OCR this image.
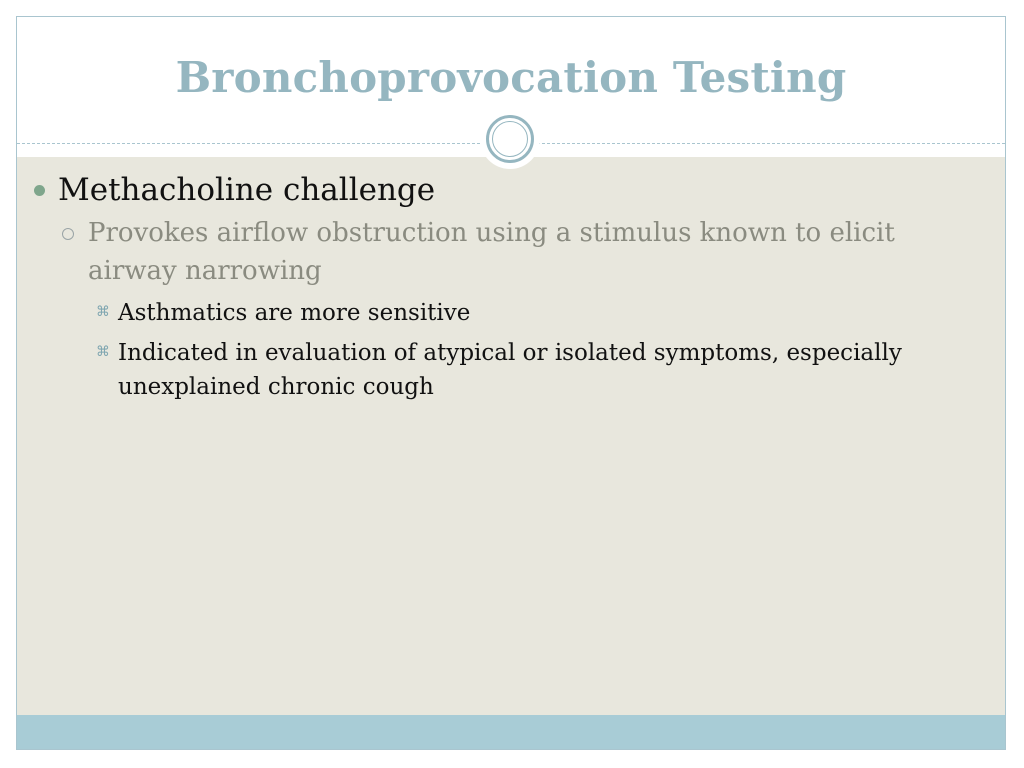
Bronchoprovocation Testing
Methacholine challenge
Provokes airflow obstruction using a stimulus known to elicit airway narrowing
⌘ Asthmatics are more sensitive
⌘ Indicated in evaluation of atypical or isolated symptoms, especially unexplained chronic cough
